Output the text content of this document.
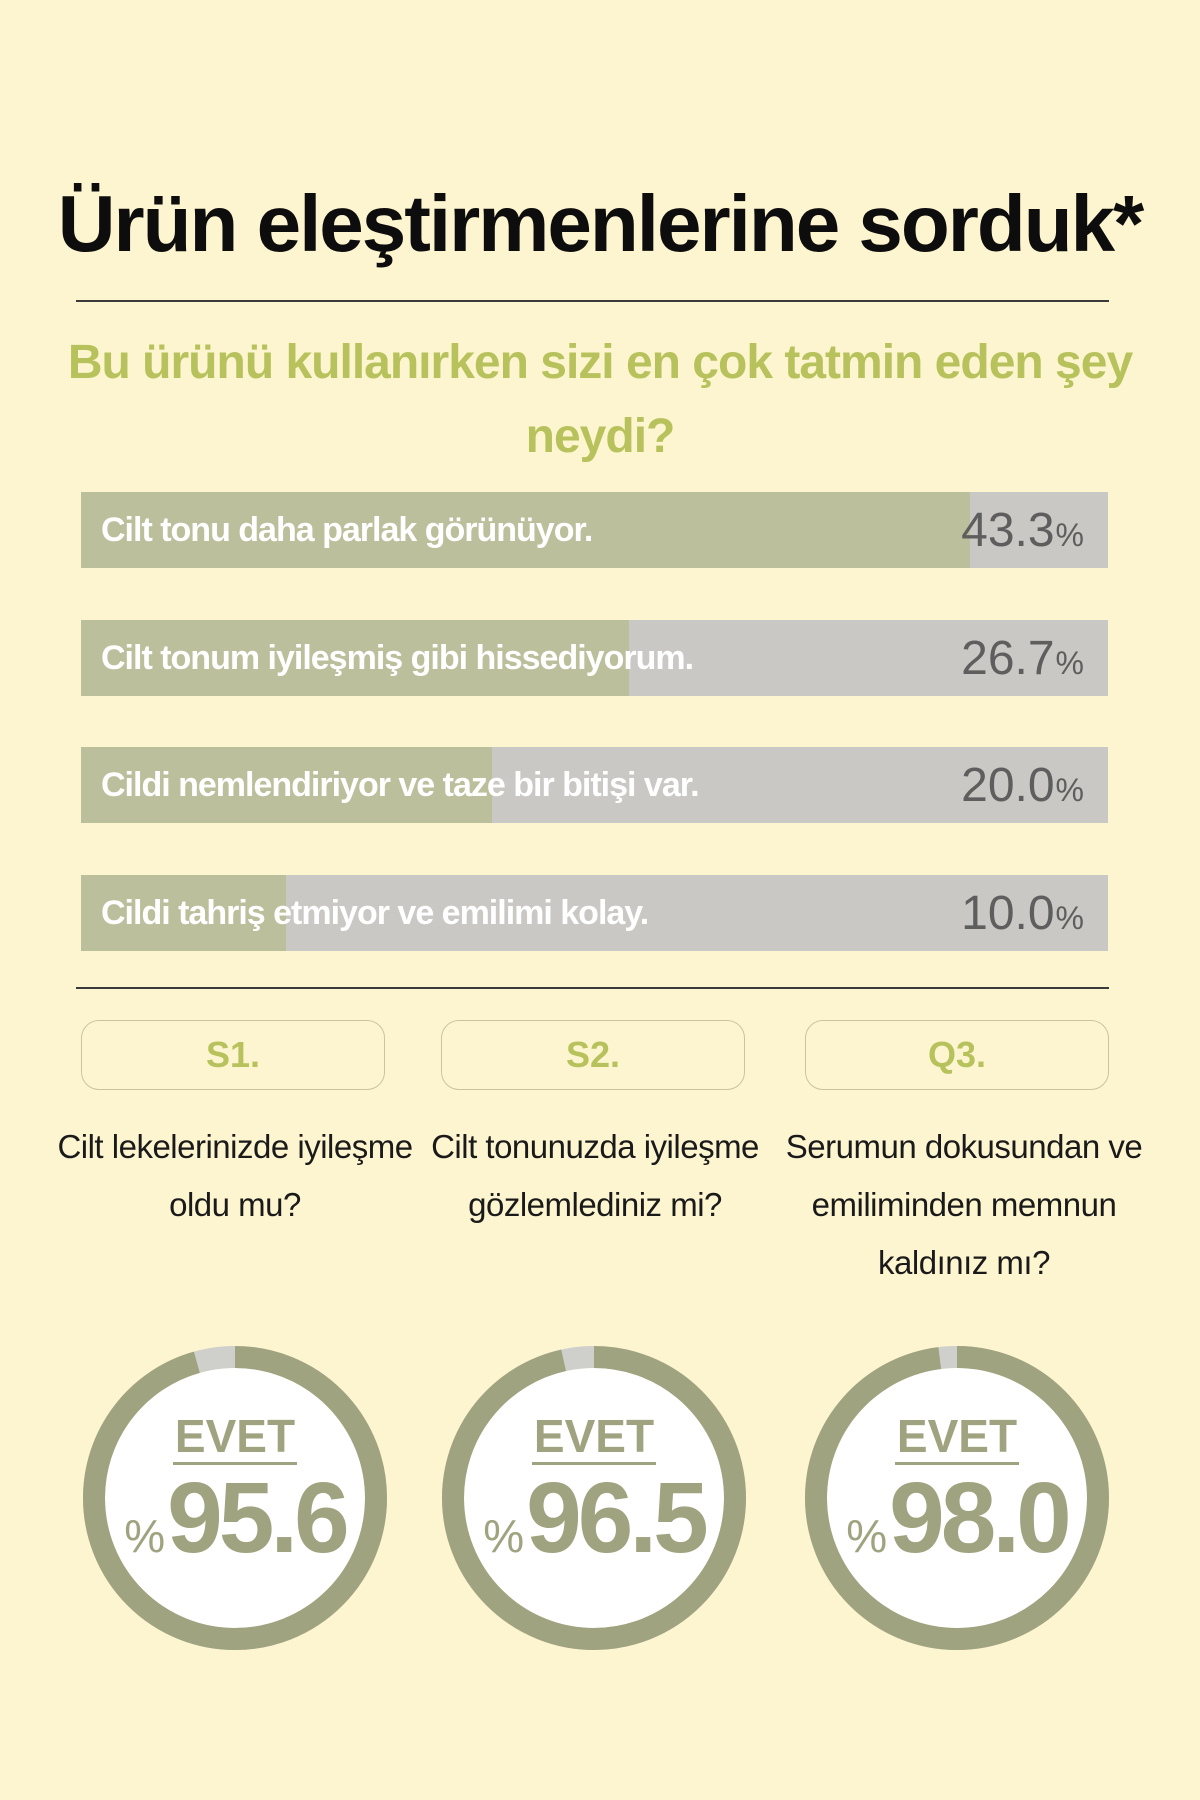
Ürün eleştirmenlerine sorduk*
Bu ürünü kullanırken sizi en çok tatmin eden şey neydi?
Cilt tonu daha parlak görünüyor.	43.3%
Cilt tonum iyileşmiş gibi hissediyorum.	26.7%
Cildi nemlendiriyor ve taze bir bitişi var.	20.0%
Cildi tahriş etmiyor ve emilimi kolay.	10.0%
S1.
Cilt lekelerinizde iyileşme oldu mu?
EVET
%95.6
S2.
Cilt tonunuzda iyileşme gözlemlediniz mi?
EVET
%96.5
Q3.
Serumun dokusundan ve emiliminden memnun kaldınız mı?
EVET
%98.0
